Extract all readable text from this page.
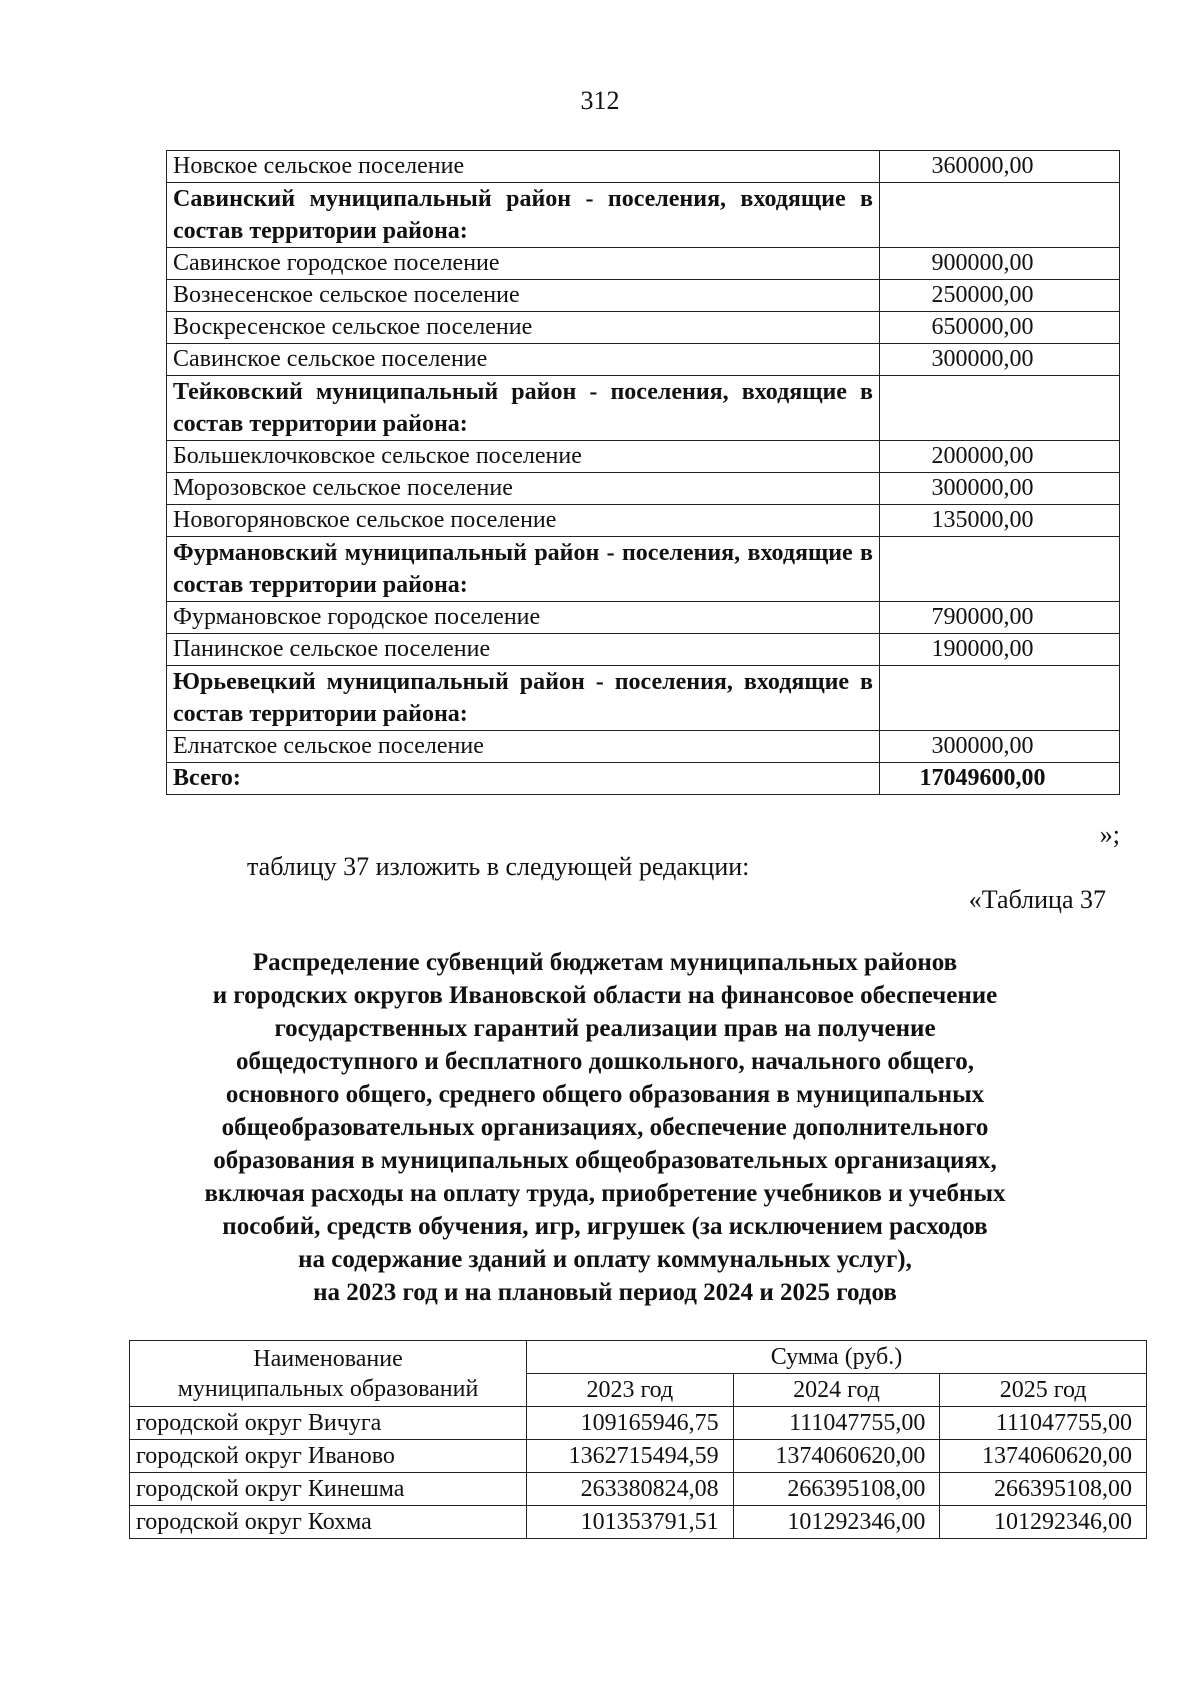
312
Новское сельское поселение	360000,00
Савинский муниципальный район - поселения, входящие в состав территории района:	
Савинское городское поселение	900000,00
Вознесенское сельское поселение	250000,00
Воскресенское сельское поселение	650000,00
Савинское сельское поселение	300000,00
Тейковский муниципальный район - поселения, входящие в состав территории района:	
Большеклочковское сельское поселение	200000,00
Морозовское сельское поселение	300000,00
Новогоряновское сельское поселение	135000,00
Фурмановский муниципальный район - поселения, входящие в состав территории района:	
Фурмановское городское поселение	790000,00
Панинское сельское поселение	190000,00
Юрьевецкий муниципальный район - поселения, входящие в состав территории района:	
Елнатское сельское поселение	300000,00
Всего:	17049600,00
»;
таблицу 37 изложить в следующей редакции:
«Таблица 37
Распределение субвенций бюджетам муниципальных районов
и городских округов Ивановской области на финансовое обеспечение
государственных гарантий реализации прав на получение
общедоступного и бесплатного дошкольного, начального общего,
основного общего, среднего общего образования в муниципальных
общеобразовательных организациях, обеспечение дополнительного
образования в муниципальных общеобразовательных организациях,
включая расходы на оплату труда, приобретение учебников и учебных
пособий, средств обучения, игр, игрушек (за исключением расходов
на содержание зданий и оплату коммунальных услуг),
на 2023 год и на плановый период 2024 и 2025 годов
Наименование
муниципальных образований	Сумма (руб.)		
	2023 год	2024 год	2025 год
городской округ Вичуга	109165946,75	111047755,00	111047755,00
городской округ Иваново	1362715494,59	1374060620,00	1374060620,00
городской округ Кинешма	263380824,08	266395108,00	266395108,00
городской округ Кохма	101353791,51	101292346,00	101292346,00
